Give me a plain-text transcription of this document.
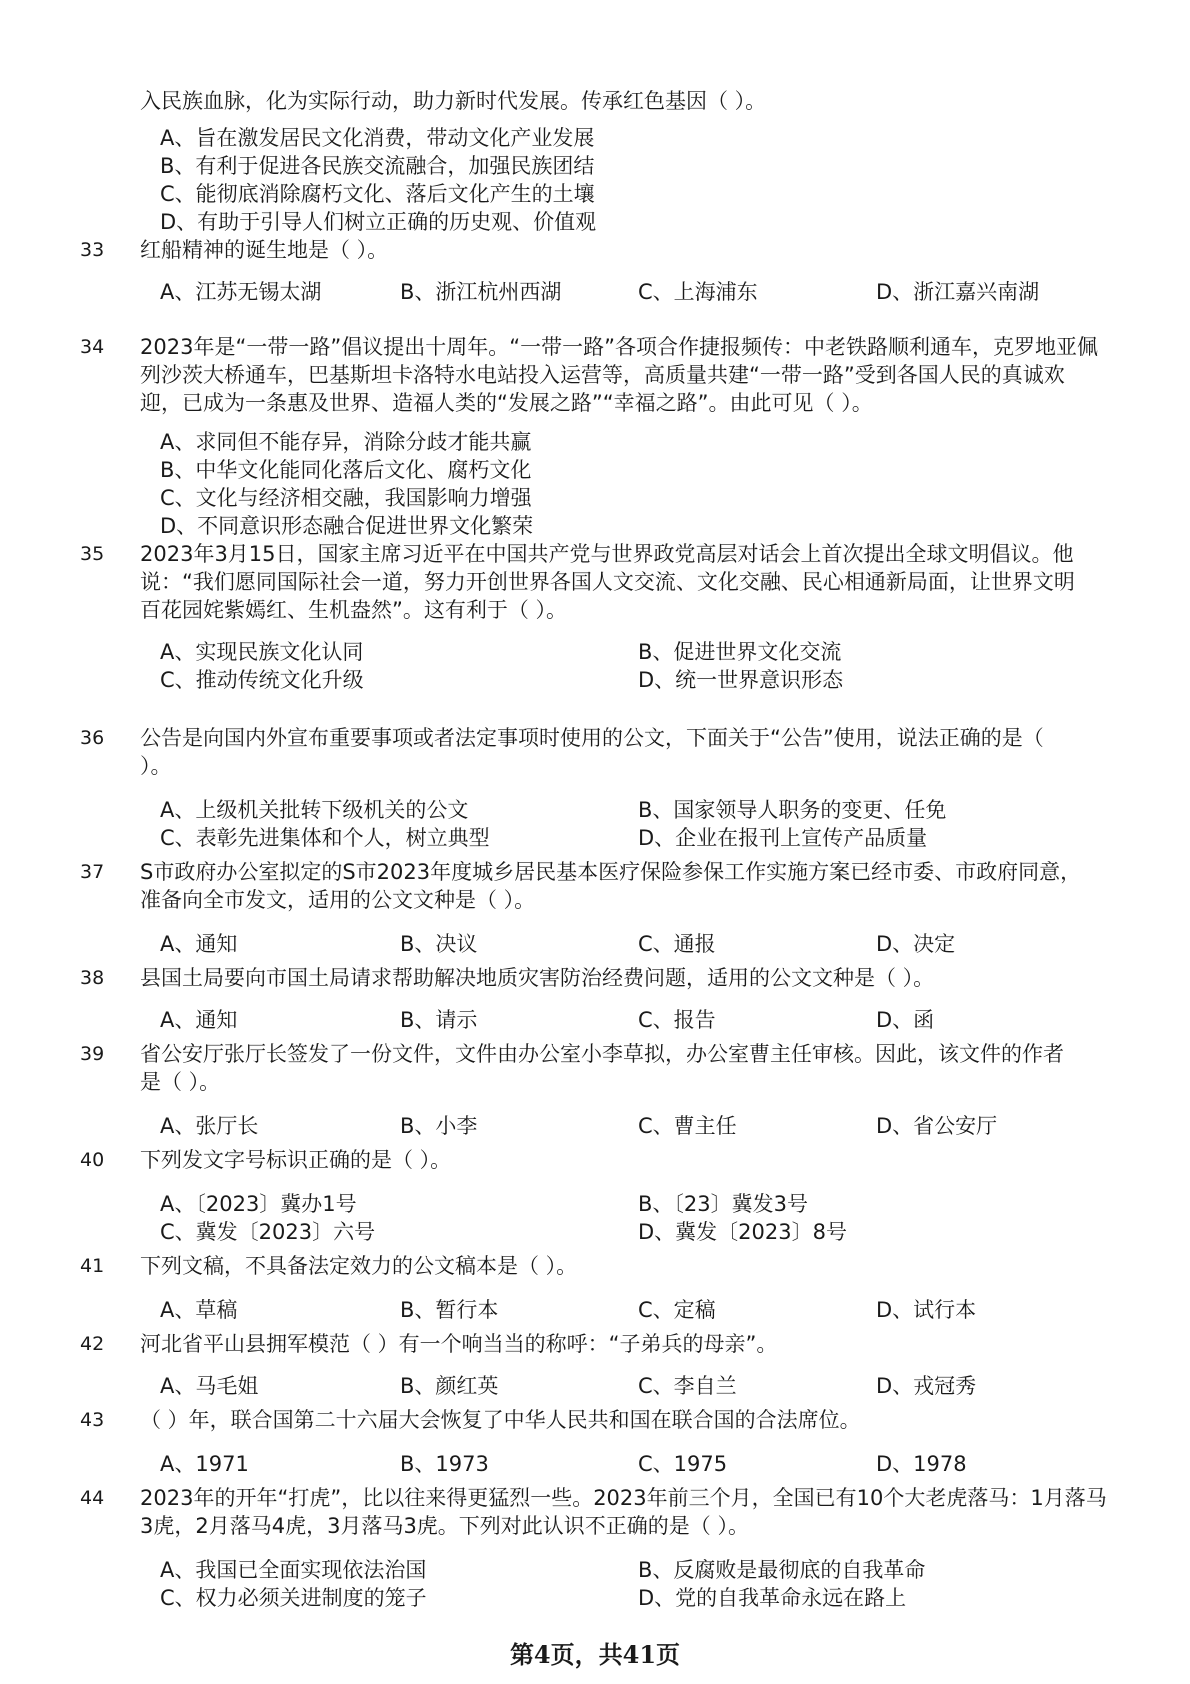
入民族血脉，化为实际行动，助力新时代发展。传承红色基因（ ）。
A、旨在激发居民文化消费，带动文化产业发展
B、有利于促进各民族交流融合，加强民族团结
C、能彻底消除腐朽文化、落后文化产生的土壤
D、有助于引导人们树立正确的历史观、价值观
33 红船精神的诞生地是（ ）。
A、江苏无锡太湖	B、浙江杭州西湖	C、上海浦东	D、浙江嘉兴南湖
34 2023年是“一带一路”倡议提出十周年。“一带一路”各项合作捷报频传：中老铁路顺利通车，克罗地亚佩
列沙茨大桥通车，巴基斯坦卡洛特水电站投入运营等，高质量共建“一带一路”受到各国人民的真诚欢
迎，已成为一条惠及世界、造福人类的“发展之路”“幸福之路”。由此可见（ ）。
A、求同但不能存异，消除分歧才能共赢
B、中华文化能同化落后文化、腐朽文化
C、文化与经济相交融，我国影响力增强
D、不同意识形态融合促进世界文化繁荣
35 2023年3月15日，国家主席习近平在中国共产党与世界政党高层对话会上首次提出全球文明倡议。他
说：“我们愿同国际社会一道，努力开创世界各国人文交流、文化交融、民心相通新局面，让世界文明
百花园姹紫嫣红、生机盎然”。这有利于（ ）。
A、实现民族文化认同	B、促进世界文化交流
C、推动传统文化升级	D、统一世界意识形态
36 公告是向国内外宣布重要事项或者法定事项时使用的公文，下面关于“公告”使用，说法正确的是（
）。
A、上级机关批转下级机关的公文	B、国家领导人职务的变更、任免
C、表彰先进集体和个人，树立典型	D、企业在报刊上宣传产品质量
37 S市政府办公室拟定的S市2023年度城乡居民基本医疗保险参保工作实施方案已经市委、市政府同意，
准备向全市发文，适用的公文文种是（ ）。
A、通知	B、决议	C、通报	D、决定
38 县国土局要向市国土局请求帮助解决地质灾害防治经费问题，适用的公文文种是（ ）。
A、通知	B、请示	C、报告	D、函
39 省公安厅张厅长签发了一份文件，文件由办公室小李草拟，办公室曹主任审核。因此，该文件的作者
是（ ）。
A、张厅长	B、小李	C、曹主任	D、省公安厅
40 下列发文字号标识正确的是（ ）。
A、〔2023〕冀办1号	B、〔23〕冀发3号
C、冀发〔2023〕六号	D、冀发〔2023〕8号
41 下列文稿，不具备法定效力的公文稿本是（ ）。
A、草稿	B、暂行本	C、定稿	D、试行本
42 河北省平山县拥军模范（ ）有一个响当当的称呼：“子弟兵的母亲”。
A、马毛姐	B、颜红英	C、李自兰	D、戎冠秀
43 （ ）年，联合国第二十六届大会恢复了中华人民共和国在联合国的合法席位。
A、1971	B、1973	C、1975	D、1978
44 2023年的开年“打虎”，比以往来得更猛烈一些。2023年前三个月，全国已有10个大老虎落马：1月落马
3虎，2月落马4虎，3月落马3虎。下列对此认识不正确的是（ ）。
A、我国已全面实现依法治国	B、反腐败是最彻底的自我革命
C、权力必须关进制度的笼子	D、党的自我革命永远在路上
第4页，共41页
